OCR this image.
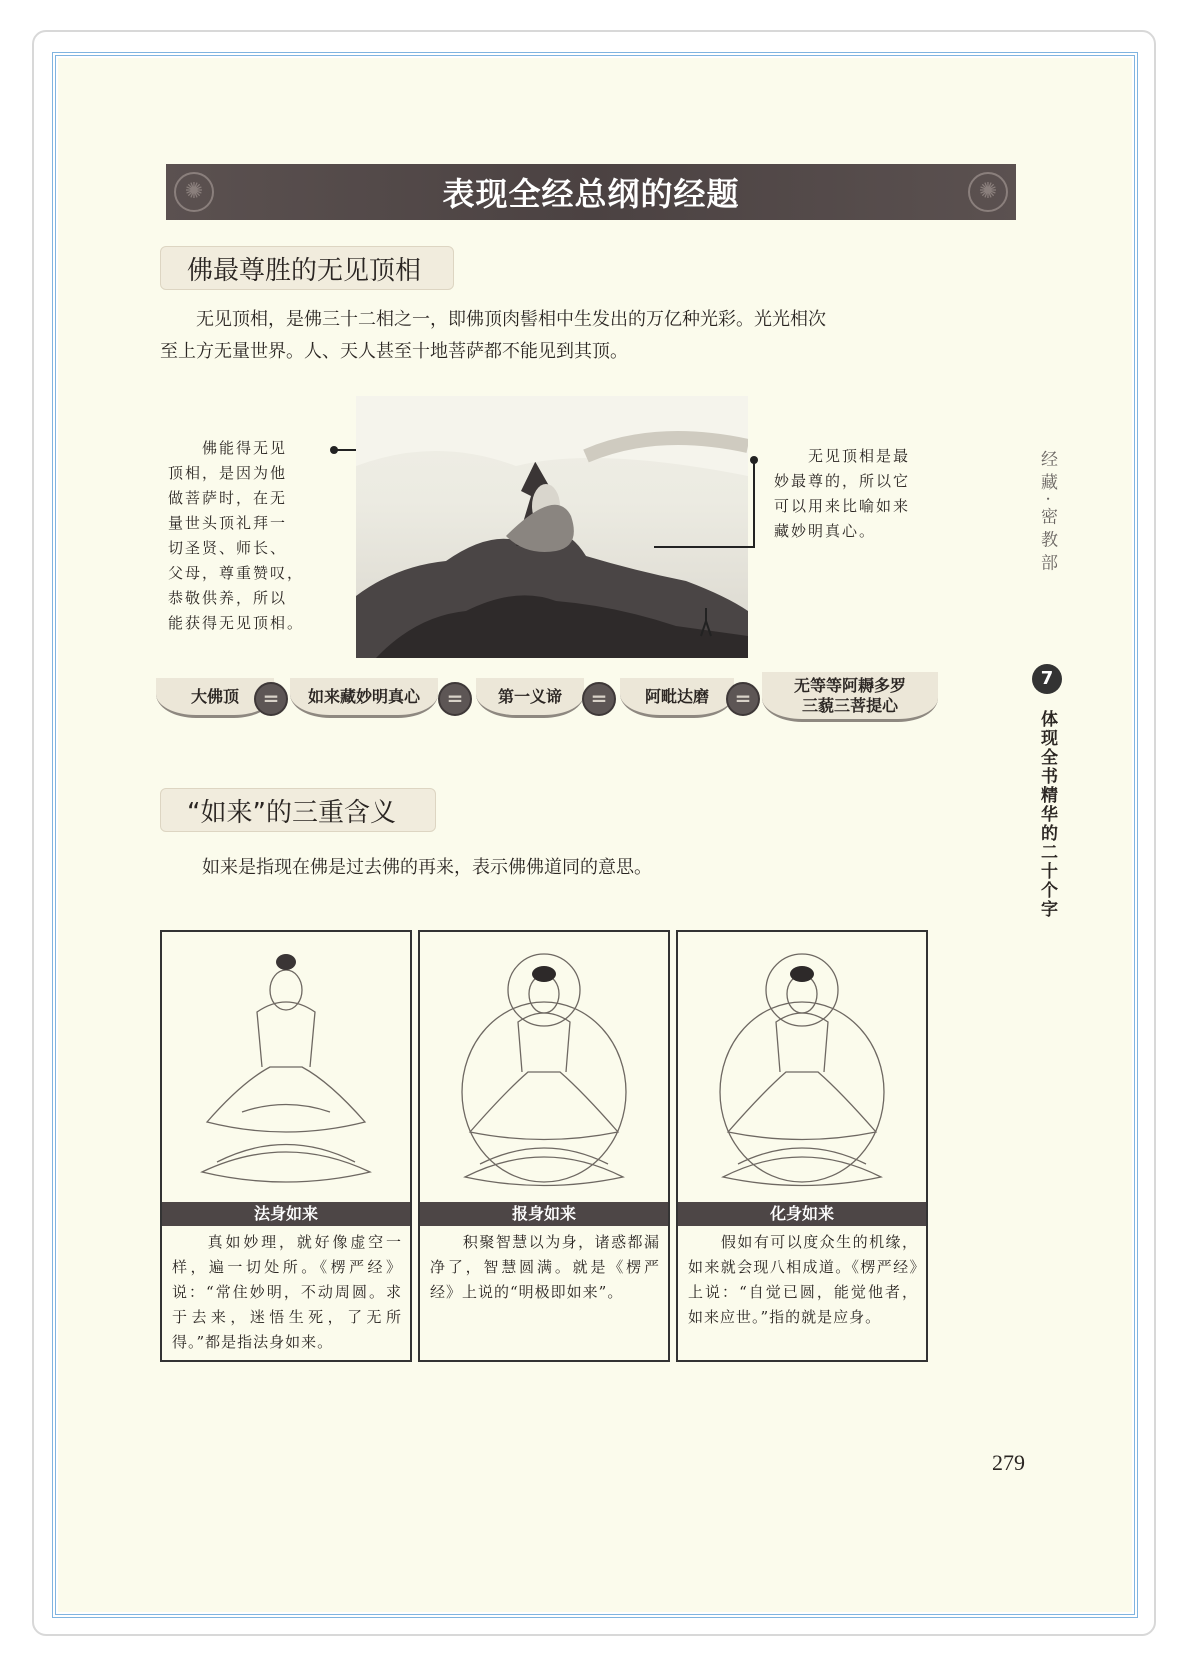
✺	表现全经总纲的经题	✺
佛最尊胜的无见顶相
　　无见顶相，是佛三十二相之一，即佛顶肉髻相中生发出的万亿种光彩。光光相次
至上方无量世界。人、天人甚至十地菩萨都不能见到其顶。
　　佛能得无见
顶相，是因为他
做菩萨时，在无
量世头顶礼拜一
切圣贤、师长、
父母，尊重赞叹，
恭敬供养，所以
能获得无见顶相。
　　无见顶相是最
妙最尊的，所以它
可以用来比喻如来
藏妙明真心。
大佛顶	=	如来藏妙明真心	=	第一义谛	=	阿毗达磨	=
无等等阿耨多罗
三藐三菩提心
“如来”的三重含义
如来是指现在佛是过去佛的再来，表示佛佛道同的意思。
法身如来
　　真如妙理，就好像虚空一样，遍一切处所。《楞严经》说：“常住妙明，不动周圆。求于去来，迷悟生死，了无所得。”都是指法身如来。
报身如来
　　积聚智慧以为身，诸惑都漏净了，智慧圆满。就是《楞严经》上说的“明极即如来”。
化身如来
　　假如有可以度众生的机缘，如来就会现八相成道。《楞严经》上说：“自觉已圆，能觉他者，如来应世。”指的就是应身。
经藏·密教部
7
体现全书精华的二十个字
279
